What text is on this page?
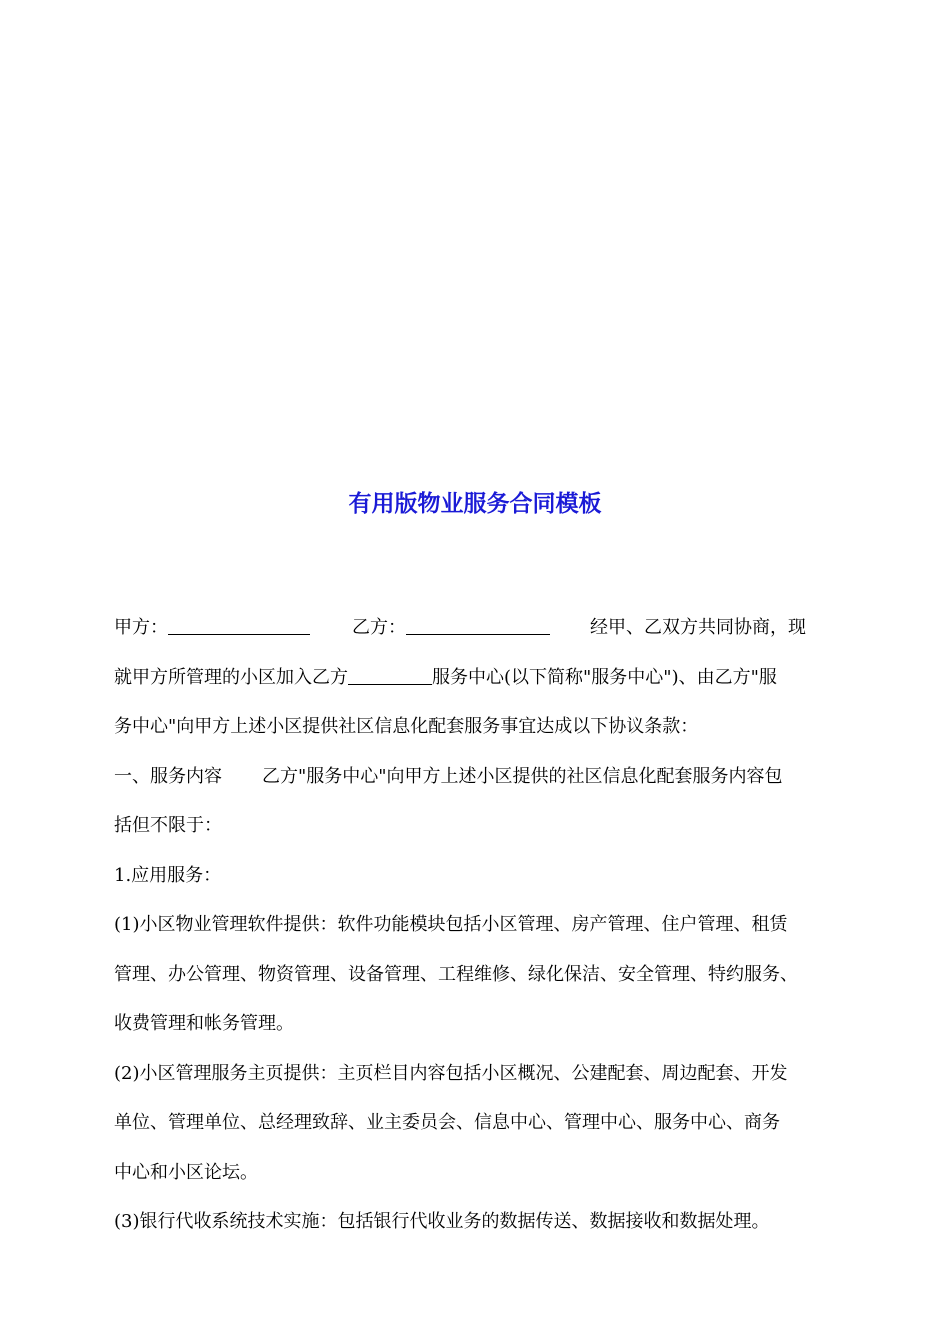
有用版物业服务合同模板
甲方：	乙方：	经甲、乙双方共同协商，现
就甲方所管理的小区加入乙方	服务中心(以下简称"服务中心")、由乙方"服
务中心"向甲方上述小区提供社区信息化配套服务事宜达成以下协议条款：
一、服务内容 乙方"服务中心"向甲方上述小区提供的社区信息化配套服务内容包
括但不限于：
1.应用服务：
(1)小区物业管理软件提供：软件功能模块包括小区管理、房产管理、住户管理、租赁
管理、办公管理、物资管理、设备管理、工程维修、绿化保洁、安全管理、特约服务、
收费管理和帐务管理。
(2)小区管理服务主页提供：主页栏目内容包括小区概况、公建配套、周边配套、开发
单位、管理单位、总经理致辞、业主委员会、信息中心、管理中心、服务中心、商务
中心和小区论坛。
(3)银行代收系统技术实施：包括银行代收业务的数据传送、数据接收和数据处理。
